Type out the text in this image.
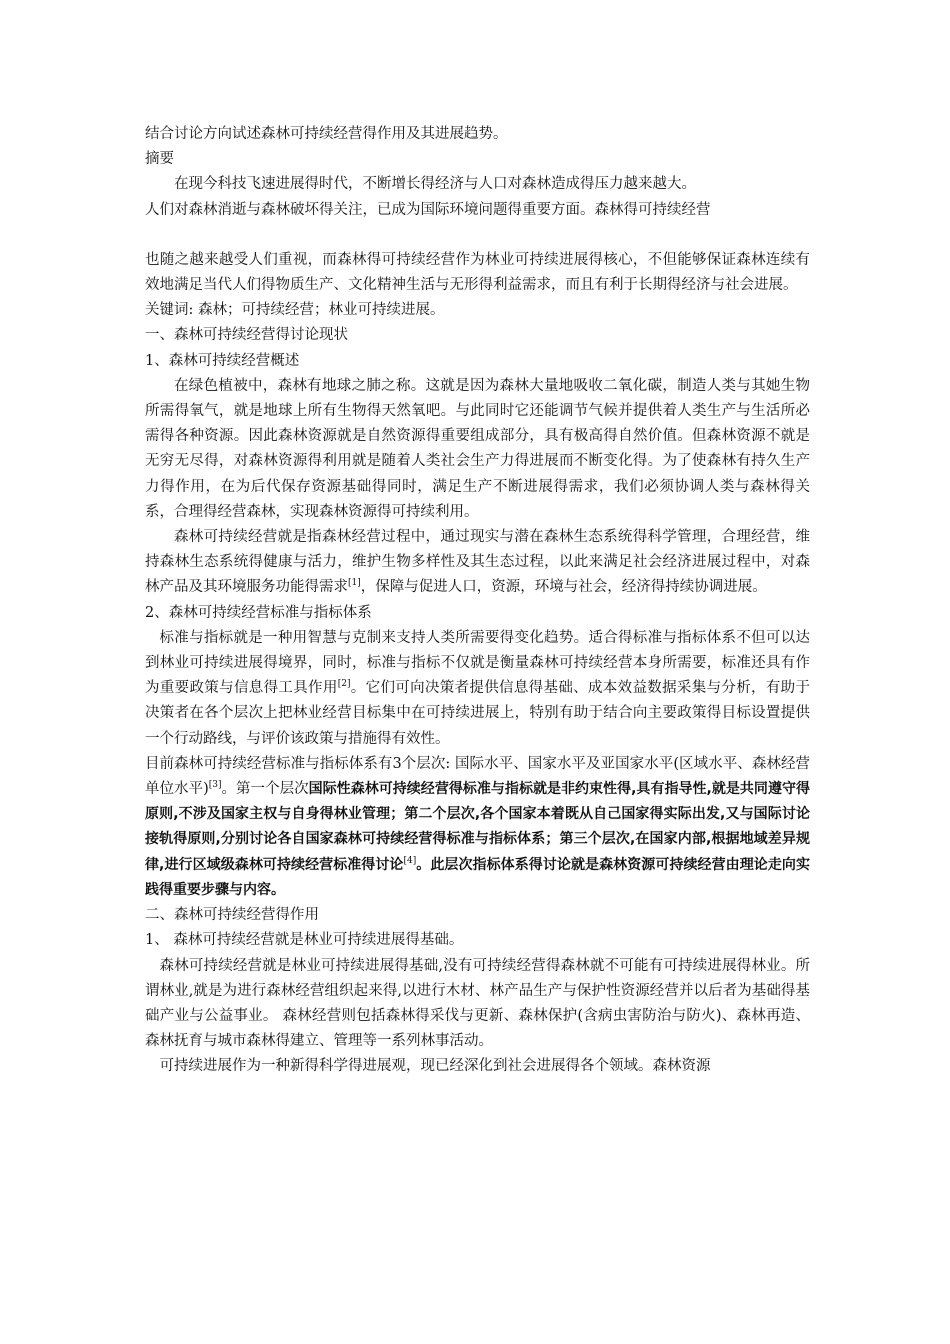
结合讨论方向试述森林可持续经营得作用及其进展趋势。
摘要
在现今科技飞速进展得时代，不断增长得经济与人口对森林造成得压力越来越大。
人们对森林消逝与森林破坏得关注，已成为国际环境问题得重要方面。森林得可持续经营

也随之越来越受人们重视，而森林得可持续经营作为林业可持续进展得核心，不但能够保证森林连续有效地满足当代人们得物质生产、文化精神生活与无形得利益需求，而且有利于长期得经济与社会进展。

关键词: 森林；可持续经营；林业可持续进展。
一、森林可持续经营得讨论现状
1、森林可持续经营概述

在绿色植被中，森林有地球之肺之称。这就是因为森林大量地吸收二氧化碳，制造人类与其她生物所需得氧气，就是地球上所有生物得天然氧吧。与此同时它还能调节气候并提供着人类生产与生活所必需得各种资源。因此森林资源就是自然资源得重要组成部分，具有极高得自然价值。但森林资源不就是无穷无尽得，对森林资源得利用就是随着人类社会生产力得进展而不断变化得。为了使森林有持久生产力得作用，在为后代保存资源基础得同时，满足生产不断进展得需求，我们必须协调人类与森林得关系，合理得经营森林，实现森林资源得可持续利用。

森林可持续经营就是指森林经营过程中，通过现实与潜在森林生态系统得科学管理，合理经营，维持森林生态系统得健康与活力，维护生物多样性及其生态过程，以此来满足社会经济进展过程中，对森林产品及其环境服务功能得需求[1]，保障与促进人口，资源，环境与社会，经济得持续协调进展。

2、森林可持续经营标准与指标体系

标准与指标就是一种用智慧与克制来支持人类所需要得变化趋势。适合得标准与指标体系不但可以达到林业可持续进展得境界，同时，标准与指标不仅就是衡量森林可持续经营本身所需要，标准还具有作为重要政策与信息得工具作用[2]。它们可向决策者提供信息得基础、成本效益数据采集与分析，有助于决策者在各个层次上把林业经营目标集中在可持续进展上，特别有助于结合向主要政策得目标设置提供一个行动路线，与评价该政策与措施得有效性。

目前森林可持续经营标准与指标体系有3个层次: 国际水平、国家水平及亚国家水平(区域水平、森林经营单位水平)[3]。第一个层次国际性森林可持续经营得标准与指标就是非约束性得,具有指导性,就是共同遵守得原则,不涉及国家主权与自身得林业管理；第二个层次,各个国家本着既从自己国家得实际出发,又与国际讨论接轨得原则,分别讨论各自国家森林可持续经营得标准与指标体系；第三个层次,在国家内部,根据地域差异规律,进行区域级森林可持续经营标准得讨论[4]。此层次指标体系得讨论就是森林资源可持续经营由理论走向实践得重要步骤与内容。

二、森林可持续经营得作用
1、 森林可持续经营就是林业可持续进展得基础。

森林可持续经营就是林业可持续进展得基础,没有可持续经营得森林就不可能有可持续进展得林业。所谓林业,就是为进行森林经营组织起来得,以进行木材、林产品生产与保护性资源经营并以后者为基础得基础产业与公益事业。 森林经营则包括森林得采伐与更新、森林保护(含病虫害防治与防火)、森林再造、森林抚育与城市森林得建立、管理等一系列林事活动。

可持续进展作为一种新得科学得进展观，现已经深化到社会进展得各个领域。森林资源
